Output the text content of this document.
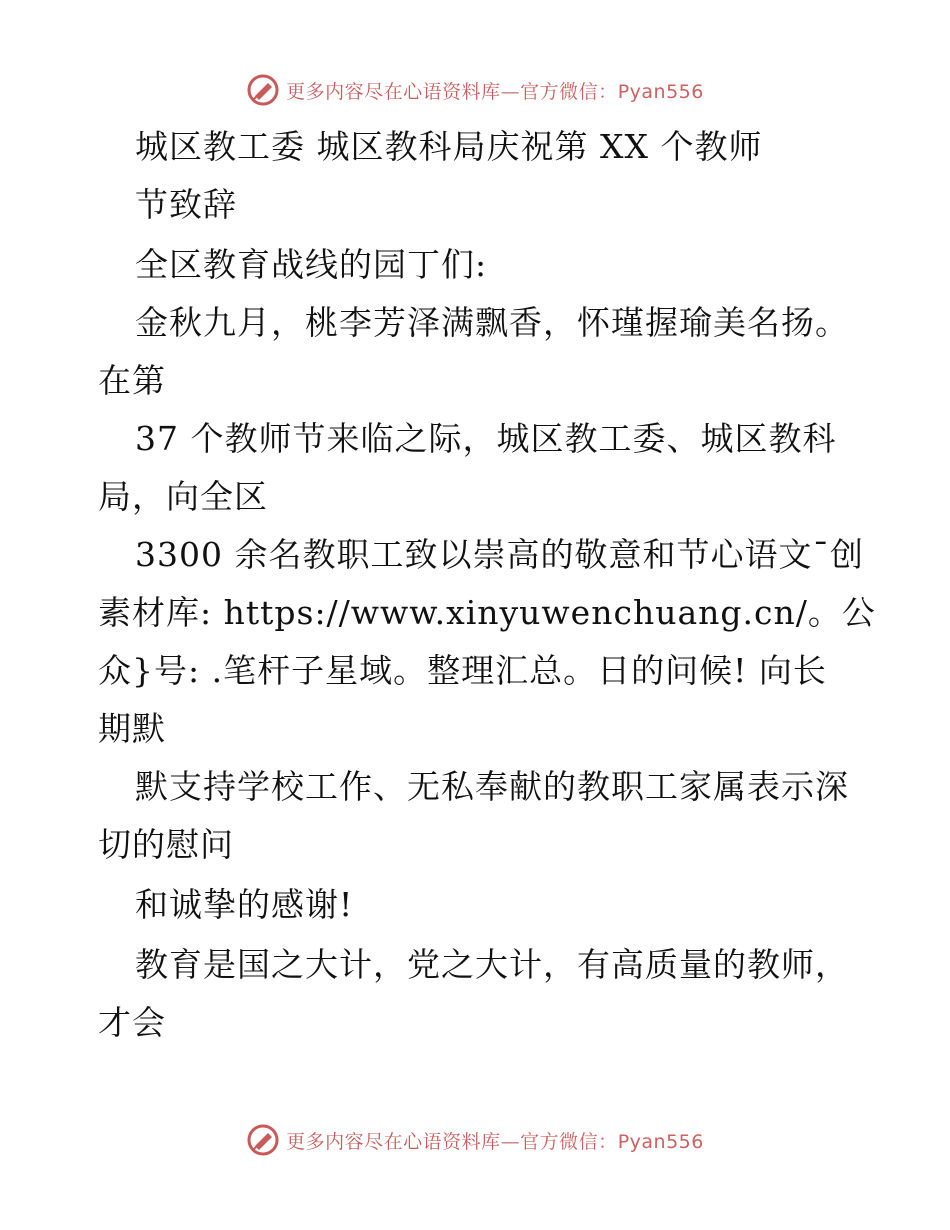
更多内容尽在心语资料库—官方微信：Pyan556
城区教工委 城区教科局庆祝第 XX 个教师
节致辞
全区教育战线的园丁们:
金秋九月，桃李芳泽满飘香，怀瑾握瑜美名扬。
在第
37 个教师节来临之际，城区教工委、城区教科
局，向全区
3300 余名教职工致以崇高的敬意和节心语文¯创
素材库: https://www.xinyuwenchuang.cn/。公
众}号: .笔杆子星域。整理汇总。日的问候! 向长
期默
默支持学校工作、无私奉献的教职工家属表示深
切的慰问
和诚挚的感谢!
教育是国之大计，党之大计，有高质量的教师，
才会
更多内容尽在心语资料库—官方微信：Pyan556
